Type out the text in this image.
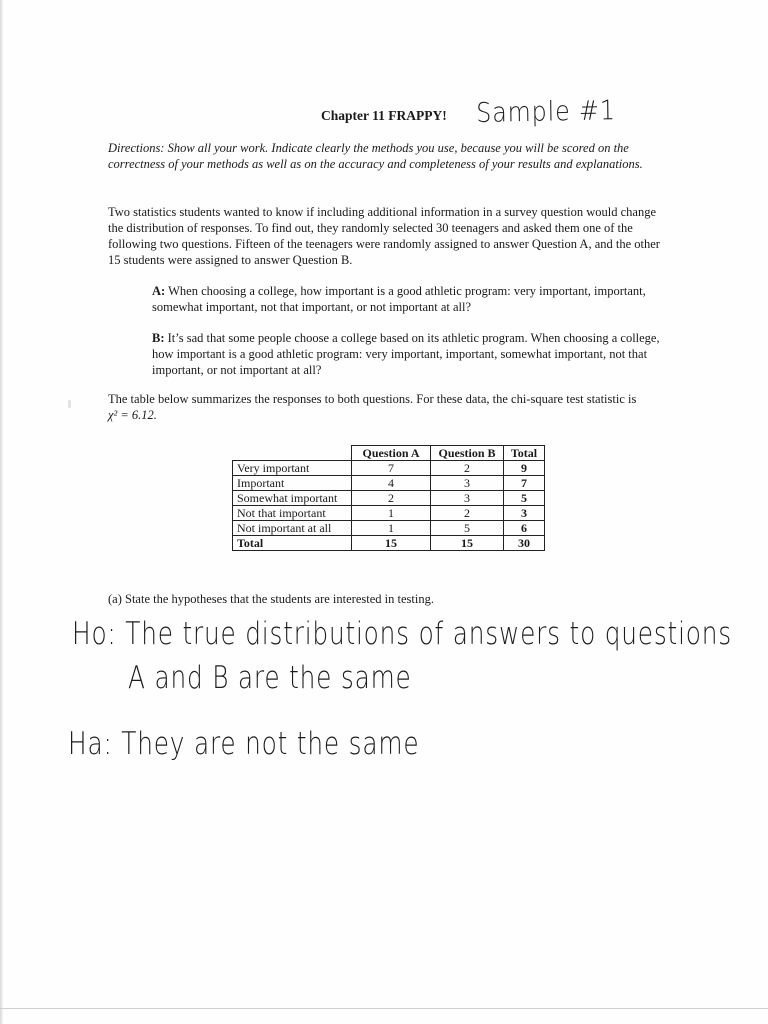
Chapter 11 FRAPPY! Sample #1
Directions: Show all your work. Indicate clearly the methods you use, because you will be scored on the correctness of your methods as well as on the accuracy and completeness of your results and explanations.
Two statistics students wanted to know if including additional information in a survey question would change the distribution of responses. To find out, they randomly selected 30 teenagers and asked them one of the following two questions. Fifteen of the teenagers were randomly assigned to answer Question A, and the other 15 students were assigned to answer Question B.
A: When choosing a college, how important is a good athletic program: very important, important, somewhat important, not that important, or not important at all?
B: It’s sad that some people choose a college based on its athletic program. When choosing a college, how important is a good athletic program: very important, important, somewhat important, not that important, or not important at all?
The table below summarizes the responses to both questions. For these data, the chi-square test statistic is
χ² = 6.12.
	Question A	Question B	Total
Very important	7	2	9
Important	4	3	7
Somewhat important	2	3	5
Not that important	1	2	3
Not important at all	1	5	6
Total	15	15	30
(a) State the hypotheses that the students are interested in testing.
Ho: The true distributions of answers to questions
A and B are the same
Ha: They are not the same
